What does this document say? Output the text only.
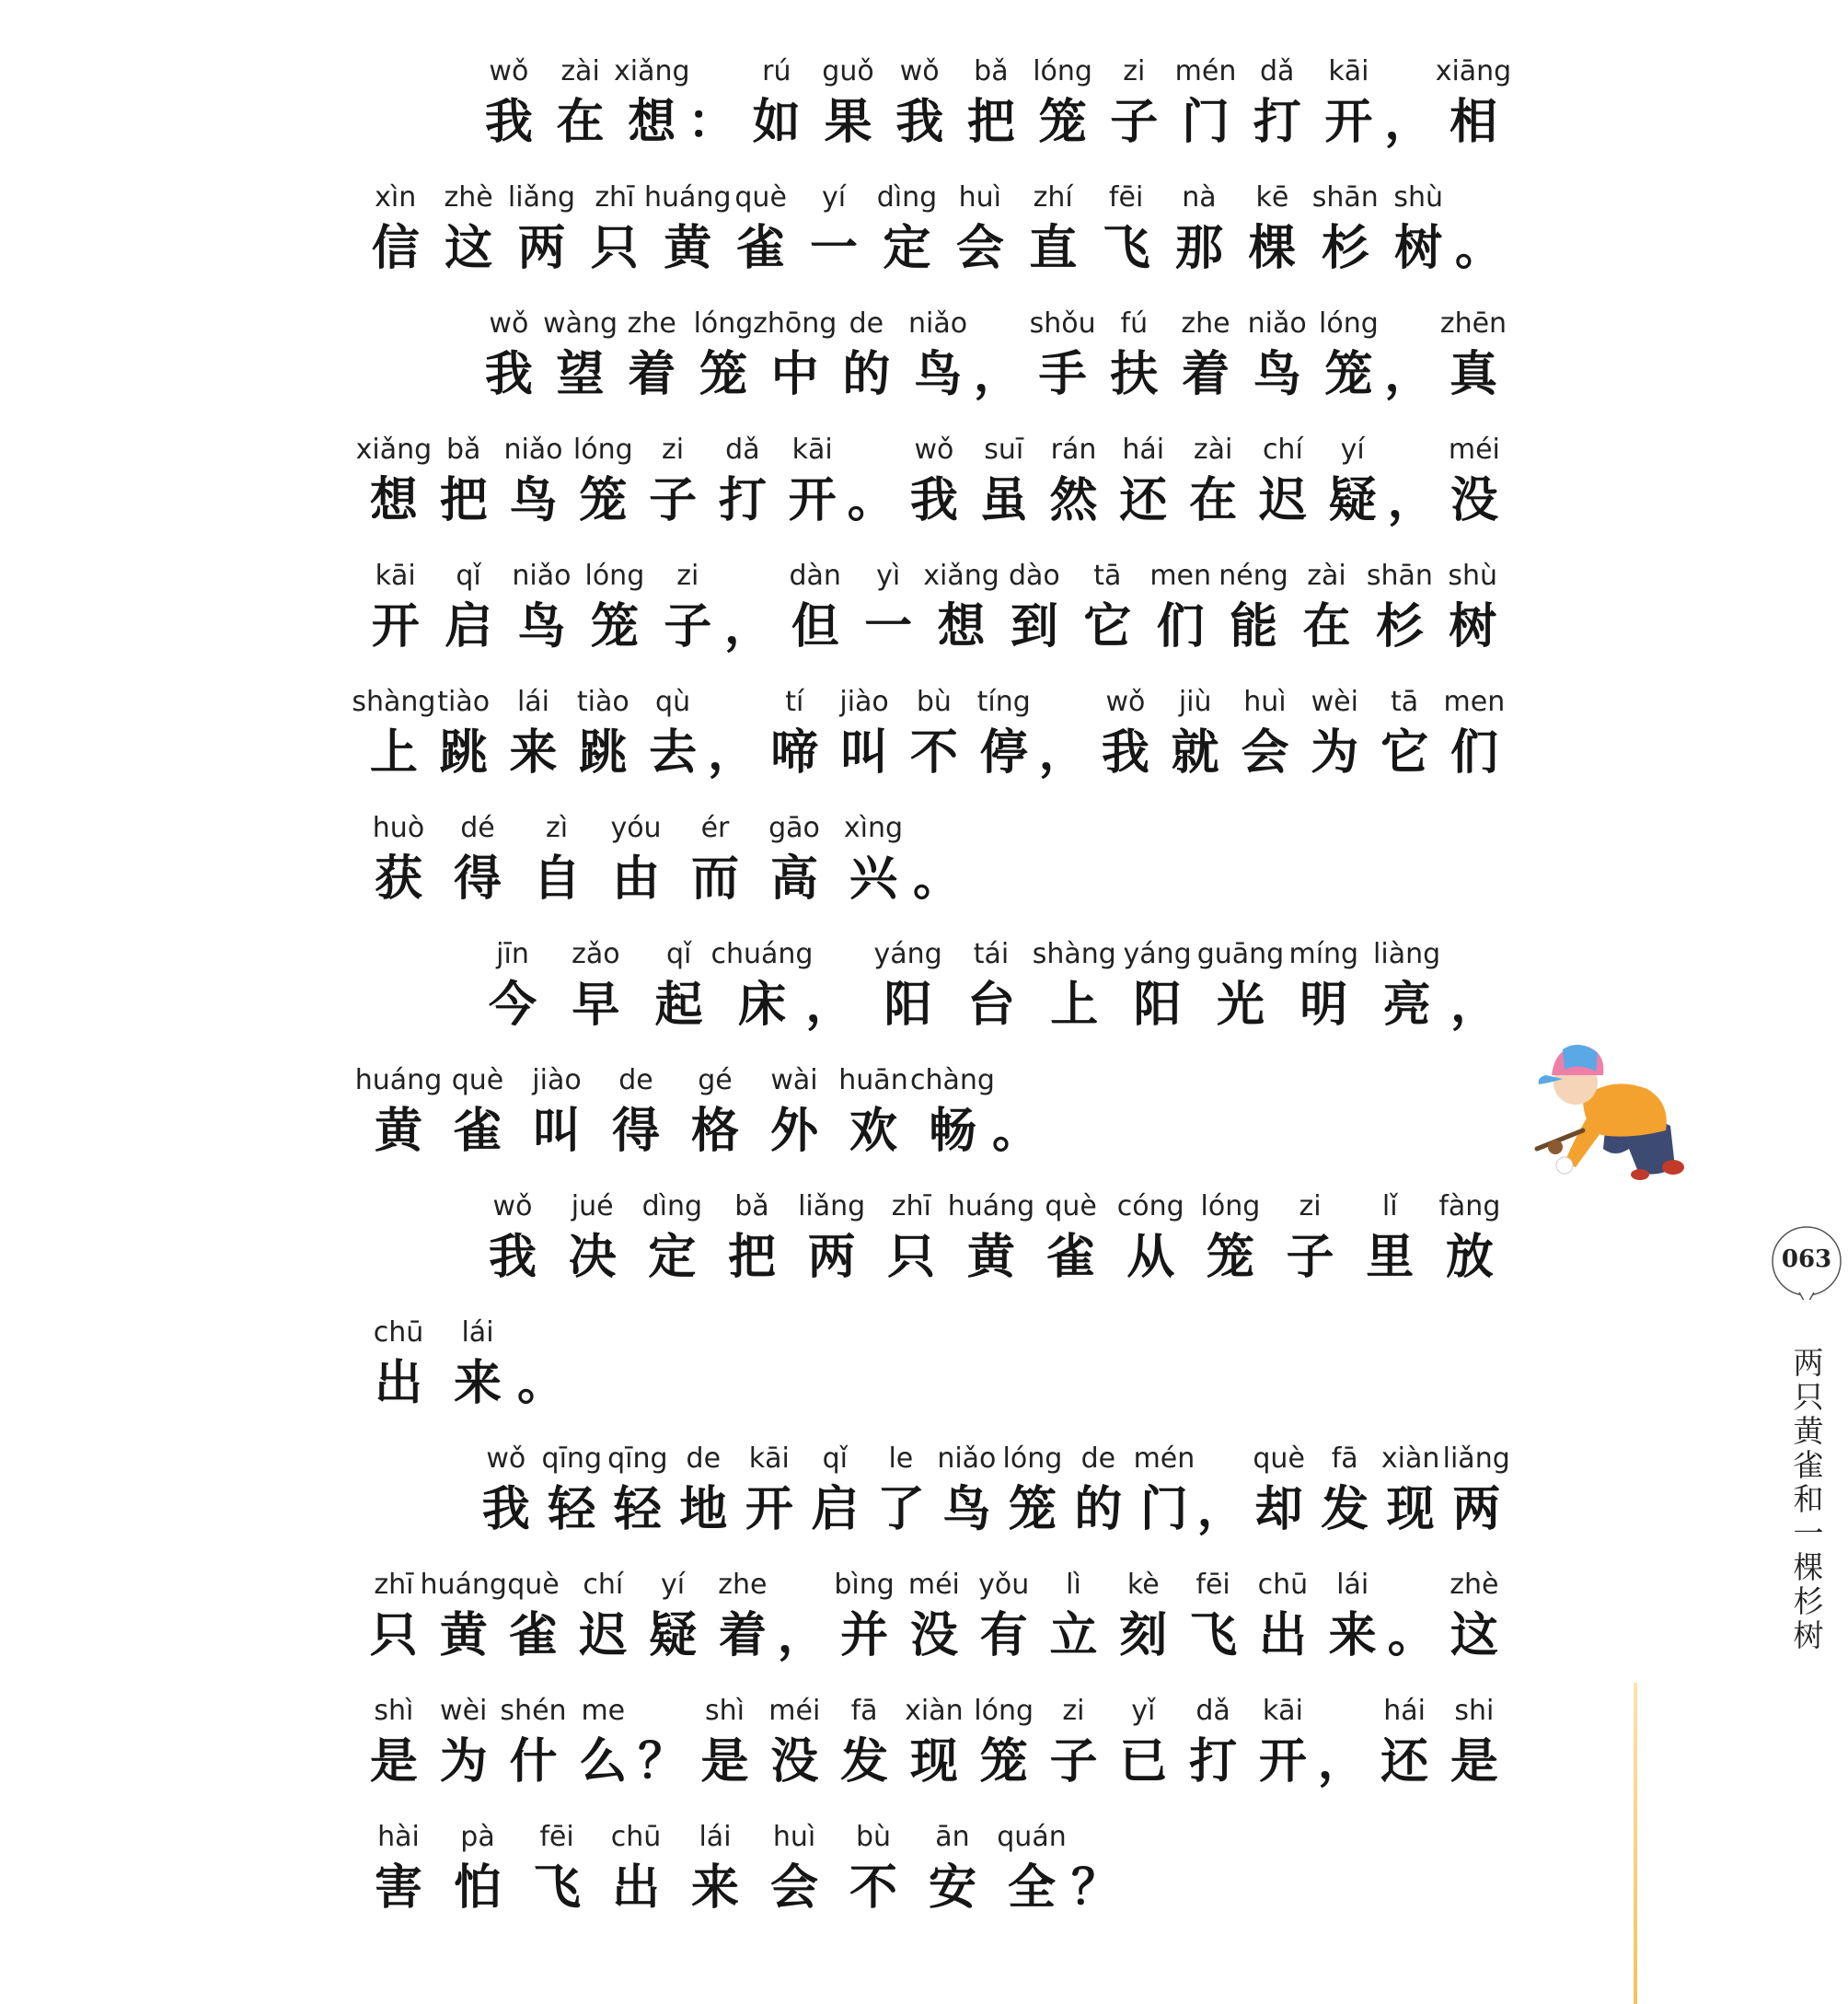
wǒ
我
zài
在
xiǎng
想 ：
rú
如
guǒ
果
wǒ
我
bǎ
把
lóng
笼
zi
子
mén
门
dǎ
打
kāi
开 ，
xiāng
相
xìn
信
zhè
这
liǎng
两
zhī
只
huáng
黄
què
雀
yí
一
dìng
定
huì
会
zhí
直
fēi
飞
nà
那
kē
棵
shān
杉
shù
树 。
wǒ
我
wàng
望
zhe
着
lóng
笼
zhōng
中
de
的
niǎo
鸟 ，
shǒu
手
fú
扶
zhe
着
niǎo
鸟
lóng
笼 ，
zhēn
真
xiǎng
想
bǎ
把
niǎo
鸟
lóng
笼
zi
子
dǎ
打
kāi
开 。
wǒ
我
suī
虽
rán
然
hái
还
zài
在
chí
迟
yí
疑 ，
méi
没
kāi
开
qǐ
启
niǎo
鸟
lóng
笼
zi
子 ，
dàn
但
yì
一
xiǎng
想
dào
到
tā
它
men
们
néng
能
zài
在
shān
杉
shù
树
shàng
上
tiào
跳
lái
来
tiào
跳
qù
去 ，
tí
啼
jiào
叫
bù
不
tíng
停 ，
wǒ
我
jiù
就
huì
会
wèi
为
tā
它
men
们
huò
获
dé
得
zì
自
yóu
由
ér
而
gāo
高
xìng
兴 。
jīn
今
zǎo
早
qǐ
起
chuáng
床 ，
yáng
阳
tái
台
shàng
上
yáng
阳
guāng
光
míng
明
liàng
亮 ，
huáng
黄
què
雀
jiào
叫
de
得
gé
格
wài
外
huān
欢
chàng
畅 。
wǒ
我
jué
决
dìng
定
bǎ
把
liǎng
两
zhī
只
huáng
黄
què
雀
cóng
从
lóng
笼
zi
子
lǐ
里
fàng
放
chū
出
lái
来 。
wǒ
我
qīng
轻
qīng
轻
de
地
kāi
开
qǐ
启
le
了
niǎo
鸟
lóng
笼
de
的
mén
门 ，
què
却
fā
发
xiàn
现
liǎng
两
zhī
只
huáng
黄
què
雀
chí
迟
yí
疑
zhe
着 ，
bìng
并
méi
没
yǒu
有
lì
立
kè
刻
fēi
飞
chū
出
lái
来 。
zhè
这
shì
是
wèi
为
shén
什
me
么 ？
shì
是
méi
没
fā
发
xiàn
现
lóng
笼
zi
子
yǐ
已
dǎ
打
kāi
开 ，
hái
还
shi
是
hài
害
pà
怕
fēi
飞
chū
出
lái
来
huì
会
bù
不
ān
安
quán
全 ？
063
两只黄雀和一棵杉树
